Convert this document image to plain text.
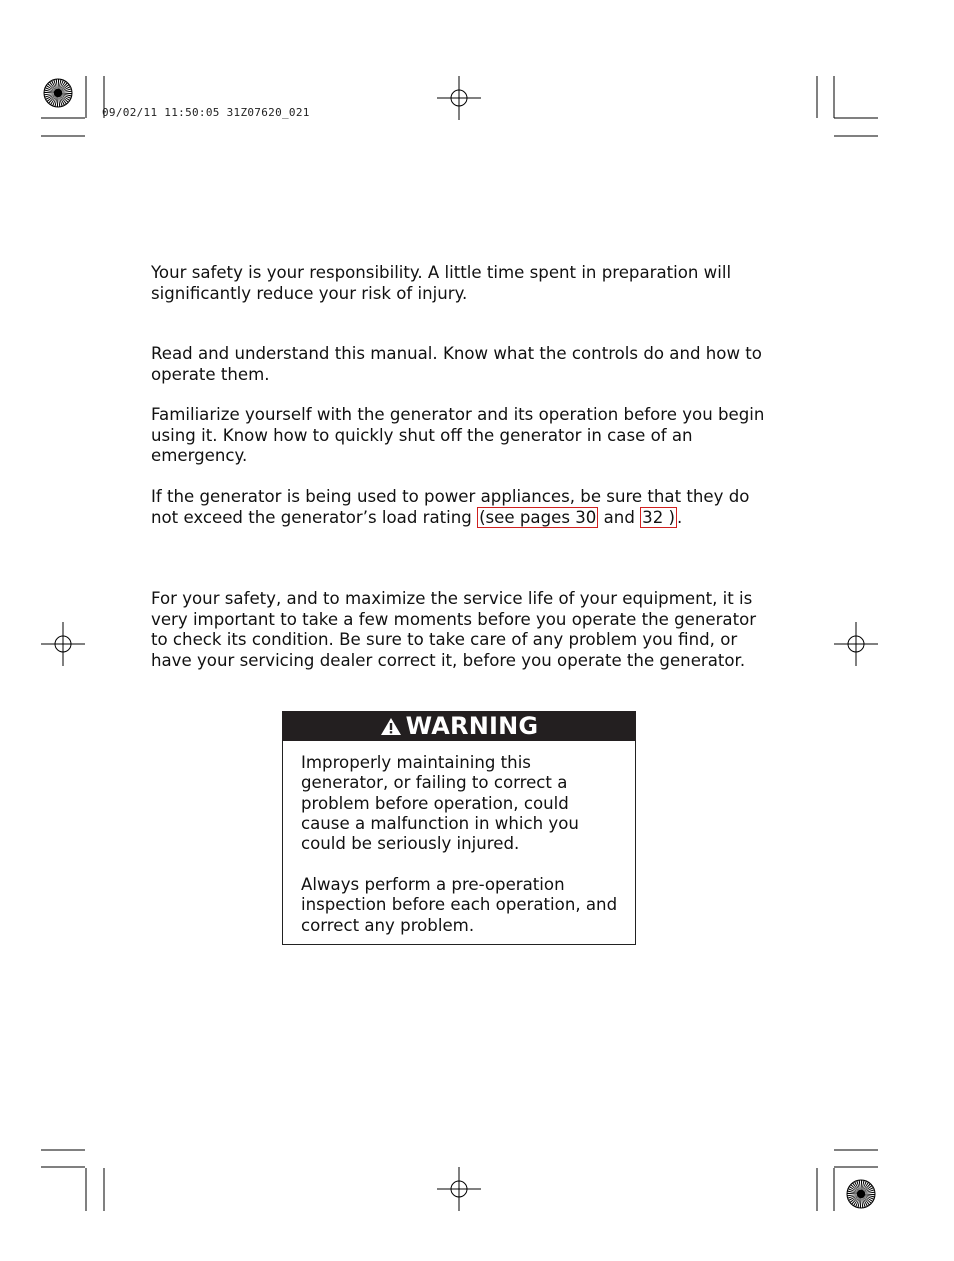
09/02/11 11:50:05 31Z07620_021

Your safety is your responsibility. A little time spent in preparation will significantly reduce your risk of injury.

Read and understand this manual. Know what the controls do and how to operate them.

Familiarize yourself with the generator and its operation before you begin using it. Know how to quickly shut off the generator in case of an emergency.

If the generator is being used to power appliances, be sure that they do not exceed the generator’s load rating (see pages 30 and 32 ) .

For your safety, and to maximize the service life of your equipment, it is very important to take a few moments before you operate the generator to check its condition. Be sure to take care of any problem you find, or have your servicing dealer correct it, before you operate the generator.

WARNING

Improperly maintaining this generator, or failing to correct a problem before operation, could cause a malfunction in which you could be seriously injured.

Always perform a pre-operation inspection before each operation, and correct any problem.
